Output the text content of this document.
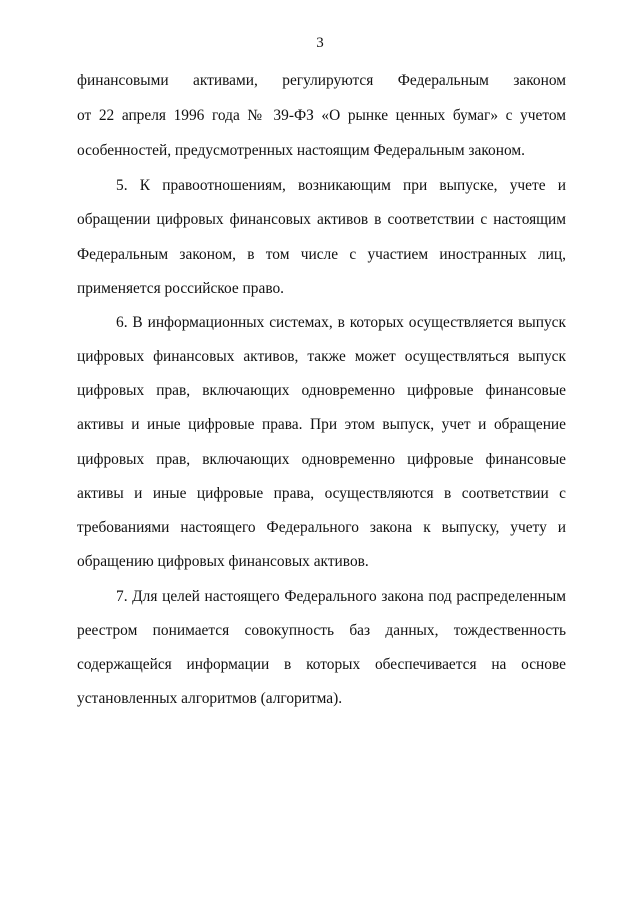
3
финансовыми активами, регулируются Федеральным законом
от 22 апреля 1996 года № 39-ФЗ «О рынке ценных бумаг» с учетом
особенностей, предусмотренных настоящим Федеральным законом.
5. К правоотношениям, возникающим при выпуске, учете и
обращении цифровых финансовых активов в соответствии с настоящим
Федеральным законом, в том числе с участием иностранных лиц,
применяется российское право.
6. В информационных системах, в которых осуществляется выпуск
цифровых финансовых активов, также может осуществляться выпуск
цифровых прав, включающих одновременно цифровые финансовые
активы и иные цифровые права. При этом выпуск, учет и обращение
цифровых прав, включающих одновременно цифровые финансовые
активы и иные цифровые права, осуществляются в соответствии с
требованиями настоящего Федерального закона к выпуску, учету и
обращению цифровых финансовых активов.
7. Для целей настоящего Федерального закона под распределенным
реестром понимается совокупность баз данных, тождественность
содержащейся информации в которых обеспечивается на основе
установленных алгоритмов (алгоритма).
